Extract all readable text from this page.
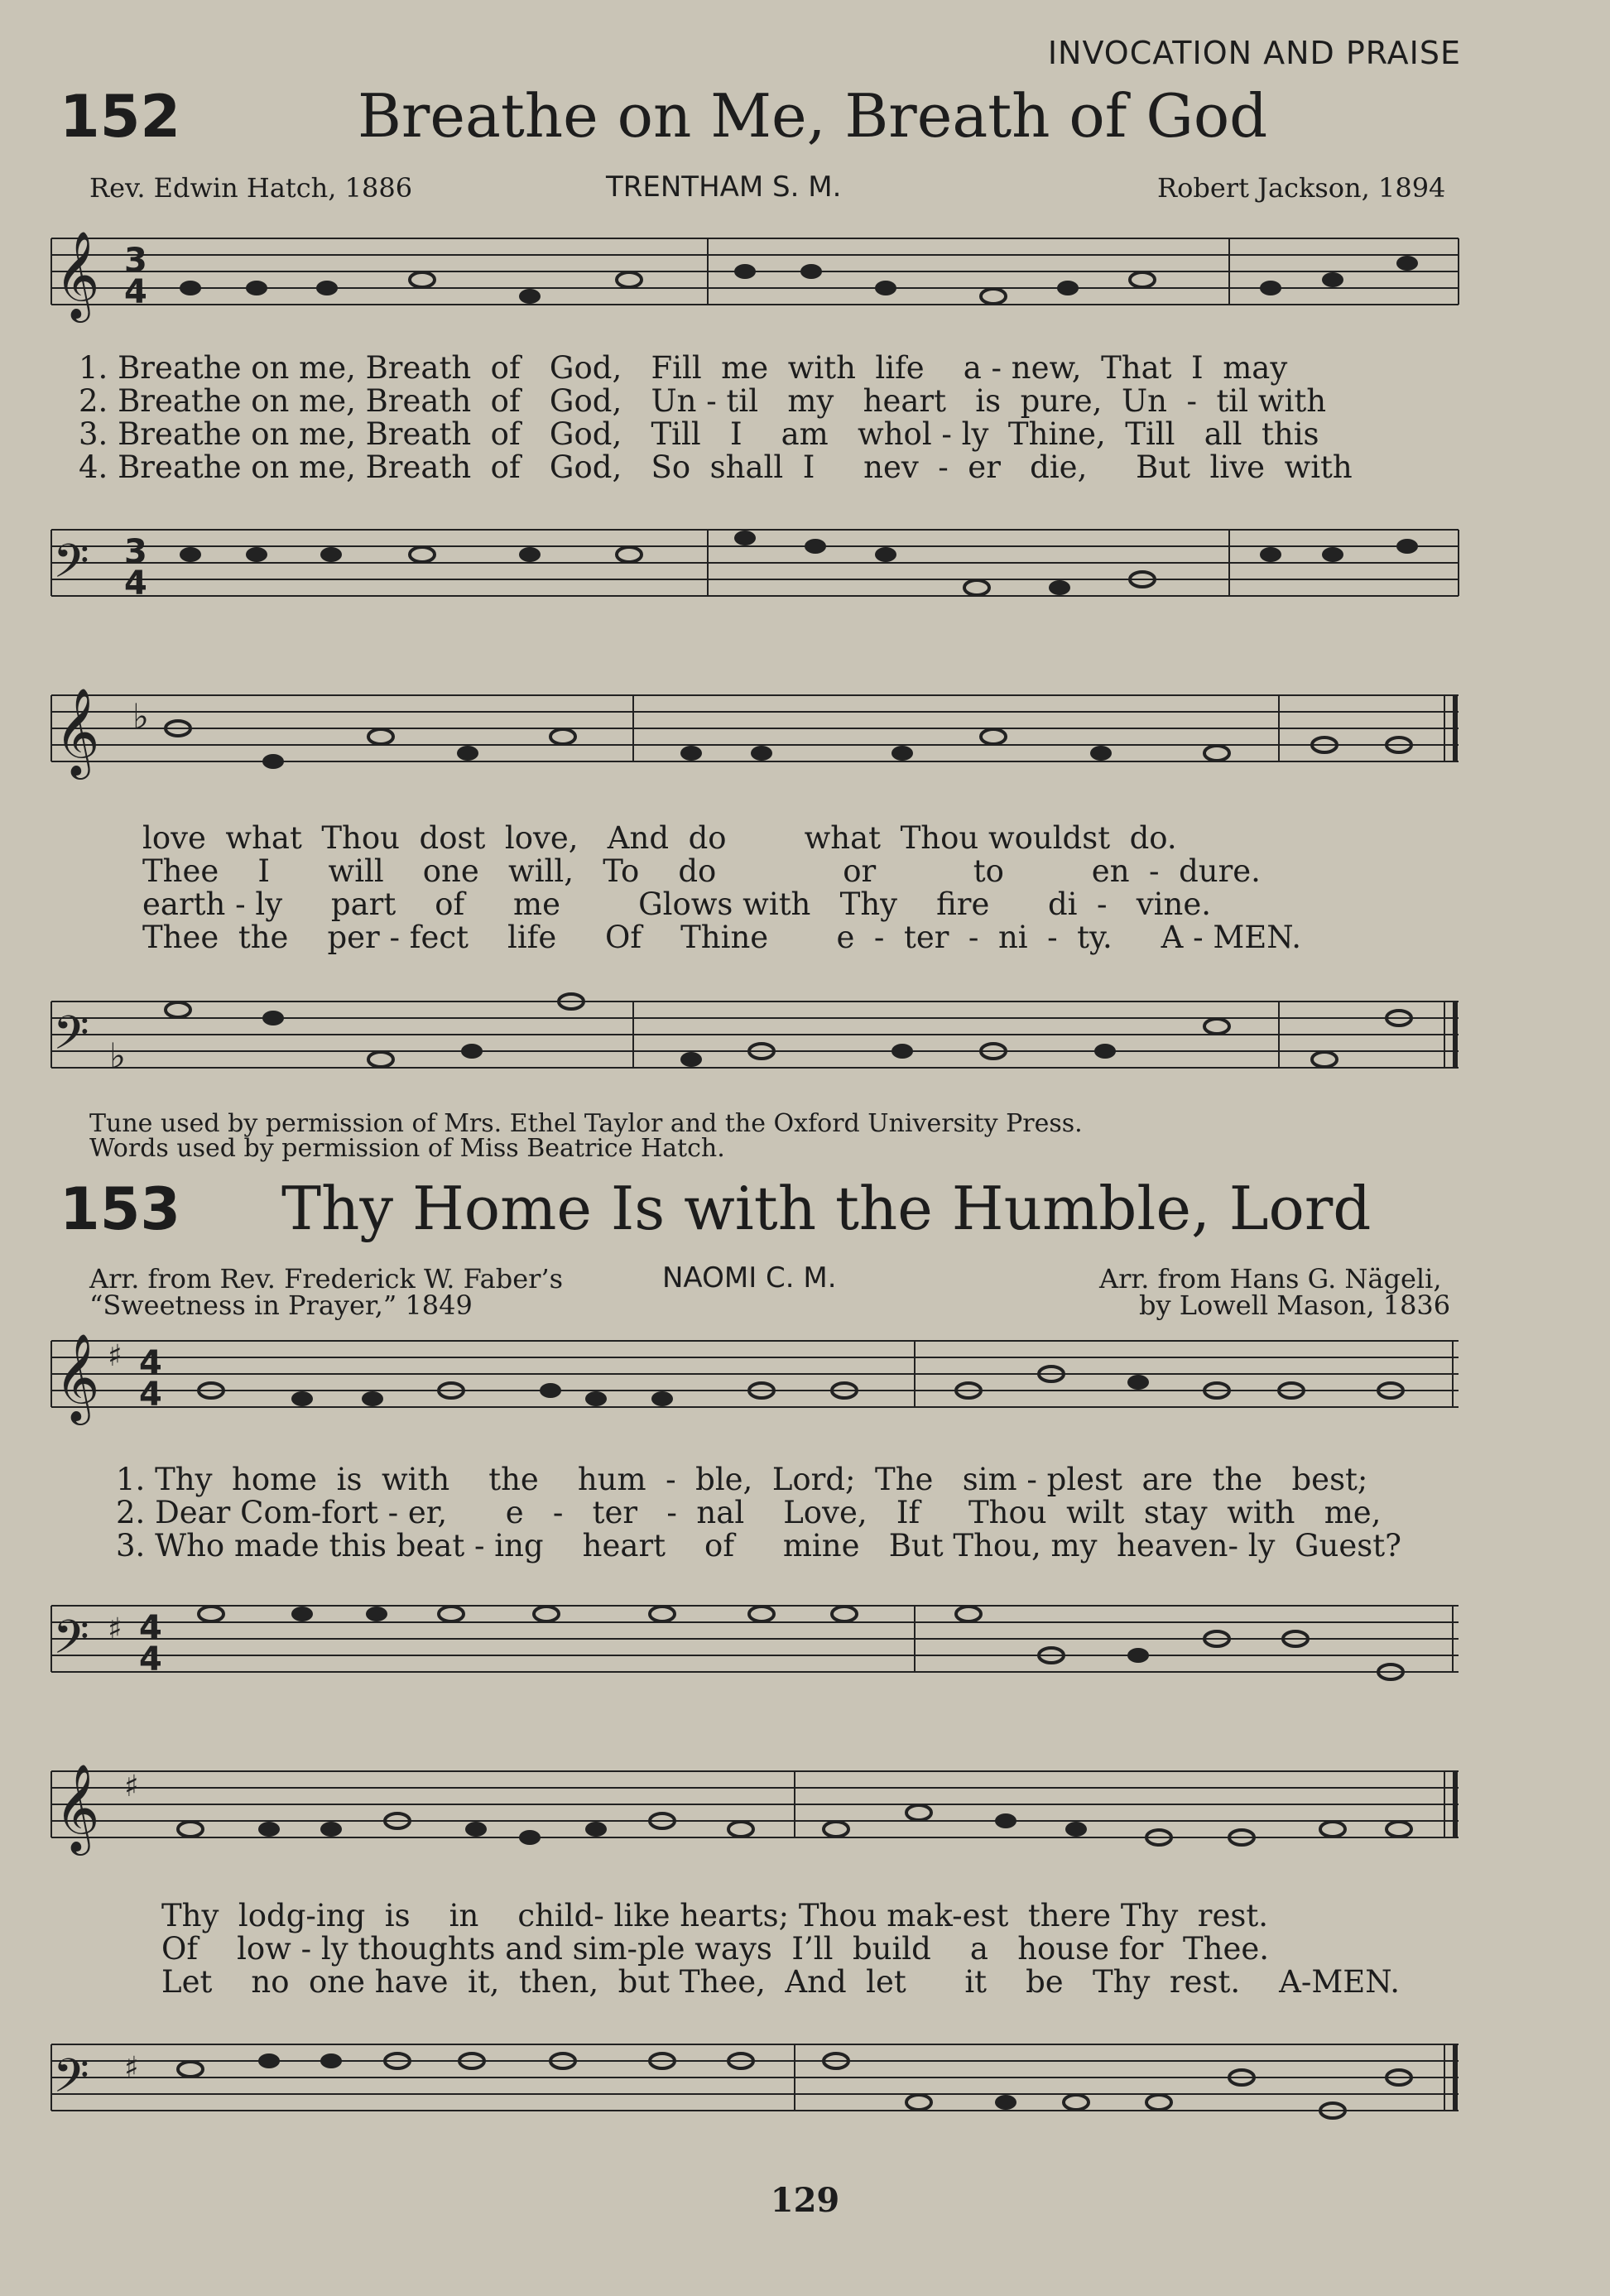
INVOCATION AND PRAISE
152	Breathe on Me, Breath of God
Rev. Edwin Hatch, 1886	TRENTHAM S. M.	Robert Jackson, 1894
𝄞 3
4
1. Breathe on me, Breath  of   God,   Fill  me  with  life    a - new,  That  I  may
2. Breathe on me, Breath  of   God,   Un - til   my   heart   is  pure,  Un  -  til with
3. Breathe on me, Breath  of   God,   Till   I    am   whol - ly  Thine,  Till   all  this
4. Breathe on me, Breath  of   God,   So  shall  I     nev  -  er   die,     But  live  with
𝄢 3
4
𝄞 ♭
love  what  Thou  dost  love,   And  do        what  Thou wouldst  do.
Thee    I      will    one   will,   To    do             or          to         en  -  dure.
earth - ly     part    of     me        Glows with   Thy    fire      di  -   vine.
Thee  the    per - fect    life     Of    Thine       e  -  ter  -  ni  -  ty.     A - MEN.
𝄢 ♭
Tune used by permission of Mrs. Ethel Taylor and the Oxford University Press.
Words used by permission of Miss Beatrice Hatch.
153 Thy Home Is with the Humble, Lord
Arr. from Rev. Frederick W. Faber’s
“Sweetness in Prayer,” 1849
NAOMI C. M.	Arr. from Hans G. Nägeli,
by Lowell Mason, 1836
𝄞 ♯ 4
4
1. Thy  home  is  with    the    hum  -  ble,  Lord;  The   sim - plest  are  the   best;
2. Dear Com-fort - er,      e   -   ter   -  nal    Love,   If     Thou  wilt  stay  with   me,
3. Who made this beat - ing    heart    of     mine   But Thou, my  heaven- ly  Guest?
𝄢 ♯ 4
4
𝄞 ♯
Thy  lodg-ing  is    in    child- like hearts; Thou mak-est  there Thy  rest.
Of    low - ly thoughts and sim-ple ways  I’ll  build    a   house for  Thee.
Let    no  one have  it,  then,  but Thee,  And  let      it    be   Thy  rest.    A-MEN.
𝄢 ♯
129
